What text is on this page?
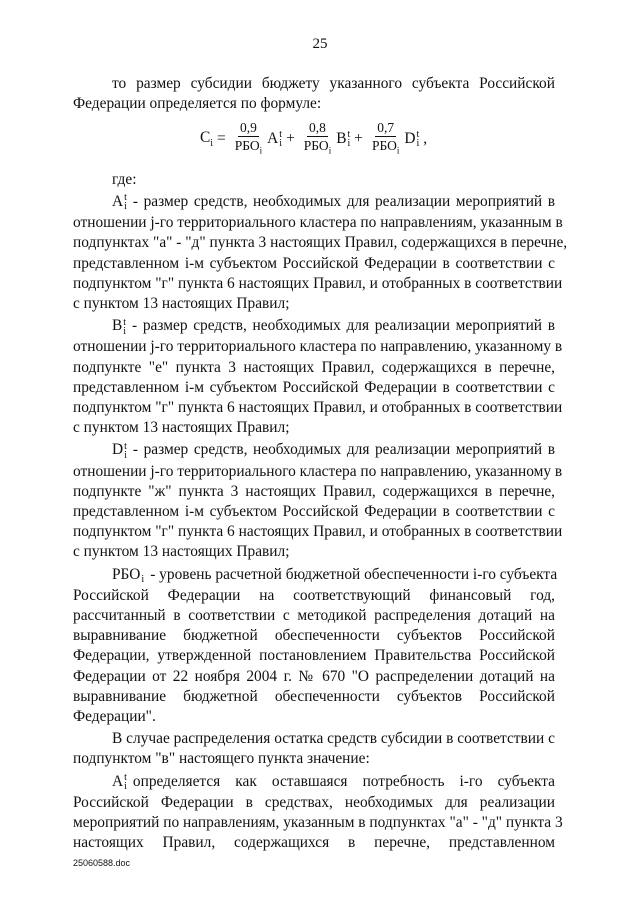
25
то размер субсидии бюджету указанного субъекта Российской
Федерации определяется по формуле:
$C_i = \frac{0,9}{РБО_i}$ A t
$i + \frac{0,8}{РБО_i}$ B t
$i + \frac{0,7}{РБО_i}$ D t
i ,
где:
A t
i - размер средств, необходимых для реализации мероприятий в
отношении j-го территориального кластера по направлениям, указанным в
подпунктах "а" - "д" пункта 3 настоящих Правил, содержащихся в перечне,
представленном i-м субъектом Российской Федерации в соответствии с
подпунктом "г" пункта 6 настоящих Правил, и отобранных в соответствии
с пунктом 13 настоящих Правил;
B t
i - размер средств, необходимых для реализации мероприятий в
отношении j-го территориального кластера по направлению, указанному в
подпункте "е" пункта 3 настоящих Правил, содержащихся в перечне,
представленном i-м субъектом Российской Федерации в соответствии с
подпунктом "г" пункта 6 настоящих Правил, и отобранных в соответствии
с пунктом 13 настоящих Правил;
D t
i - размер средств, необходимых для реализации мероприятий в
отношении j-го территориального кластера по направлению, указанному в
подпункте "ж" пункта 3 настоящих Правил, содержащихся в перечне,
представленном i-м субъектом Российской Федерации в соответствии с
подпунктом "г" пункта 6 настоящих Правил, и отобранных в соответствии
с пунктом 13 настоящих Правил;
РБО
i - уровень расчетной бюджетной обеспеченности i-го субъекта
Российской Федерации на соответствующий финансовый год,
рассчитанный в соответствии с методикой распределения дотаций на
выравнивание бюджетной обеспеченности субъектов Российской
Федерации, утвержденной постановлением Правительства Российской
Федерации от 22 ноября 2004 г. № 670 "О распределении дотаций на
выравнивание бюджетной обеспеченности субъектов Российской
Федерации".
В случае распределения остатка средств субсидии в соответствии с
подпунктом "в" настоящего пункта значение:
A t
i определяется как оставшаяся потребность i-го субъекта
Российской Федерации в средствах, необходимых для реализации
мероприятий по направлениям, указанным в подпунктах "а" - "д" пункта 3
настоящих Правил, содержащихся в перечне, представленном
25060588.doc
